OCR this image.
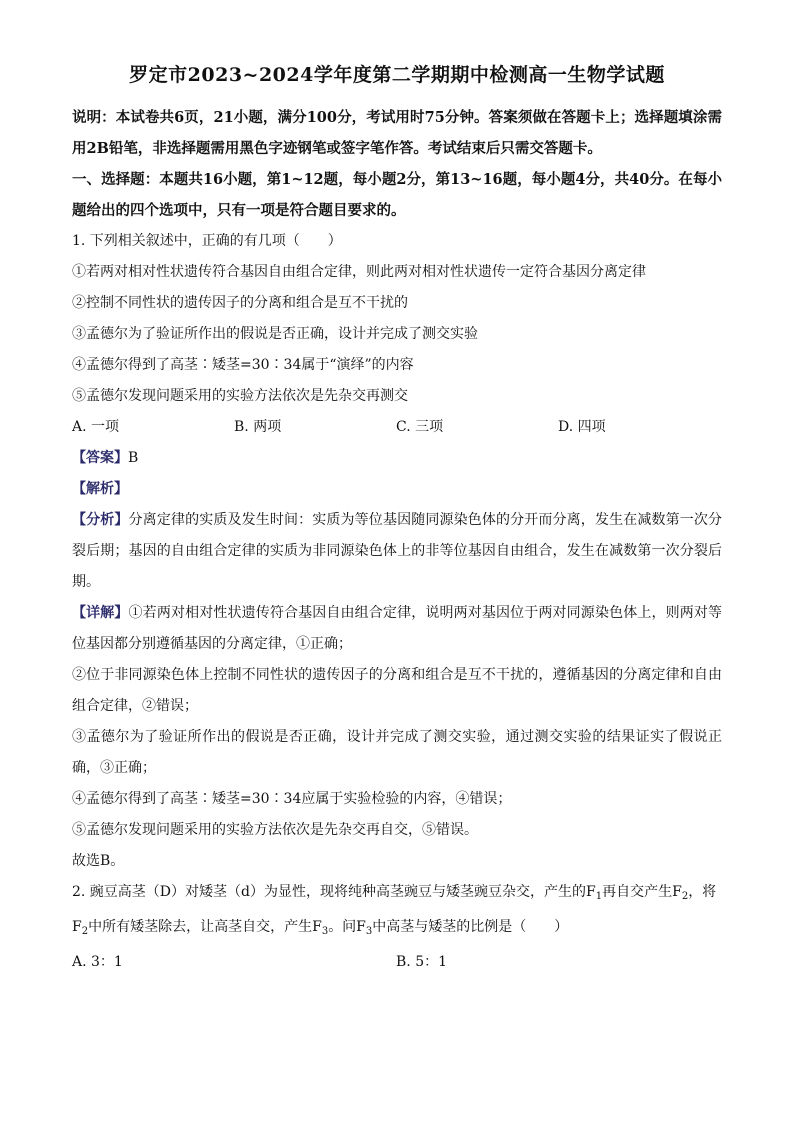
罗定市2023~2024学年度第二学期期中检测高一生物学试题

说明：本试卷共6页，21小题，满分100分，考试用时75分钟。答案须做在答题卡上；选择题填涂需用2B铅笔，非选择题需用黑色字迹钢笔或签字笔作答。考试结束后只需交答题卡。

一、选择题：本题共16小题，第1~12题，每小题2分，第13~16题，每小题4分，共40分。在每小题给出的四个选项中，只有一项是符合题目要求的。

1. 下列相关叙述中，正确的有几项（　　）

①若两对相对性状遗传符合基因自由组合定律，则此两对相对性状遗传一定符合基因分离定律

②控制不同性状的遗传因子的分离和组合是互不干扰的

③孟德尔为了验证所作出的假说是否正确，设计并完成了测交实验

④孟德尔得到了高茎∶矮茎=30∶34属于“演绎”的内容

⑤孟德尔发现问题采用的实验方法依次是先杂交再测交

A. 一项	B. 两项	C. 三项	D. 四项

【答案】B

【解析】

【分析】分离定律的实质及发生时间：实质为等位基因随同源染色体的分开而分离，发生在减数第一次分裂后期；基因的自由组合定律的实质为非同源染色体上的非等位基因自由组合，发生在减数第一次分裂后期。

【详解】①若两对相对性状遗传符合基因自由组合定律，说明两对基因位于两对同源染色体上，则两对等位基因都分别遵循基因的分离定律，①正确；

②位于非同源染色体上控制不同性状的遗传因子的分离和组合是互不干扰的，遵循基因的分离定律和自由组合定律，②错误；

③孟德尔为了验证所作出的假说是否正确，设计并完成了测交实验，通过测交实验的结果证实了假说正确，③正确；

④孟德尔得到了高茎∶矮茎=30∶34应属于实验检验的内容，④错误；

⑤孟德尔发现问题采用的实验方法依次是先杂交再自交，⑤错误。

故选B。

2. 豌豆高茎（D）对矮茎（d）为显性，现将纯种高茎豌豆与矮茎豌豆杂交，产生的$F_1$再自交产生$F_2$，将
$F_2$中所有矮茎除去，让高茎自交，产生$F_3$。问$F_3$中高茎与矮茎的比例是（　　）

A. 3：1	B. 5：1
